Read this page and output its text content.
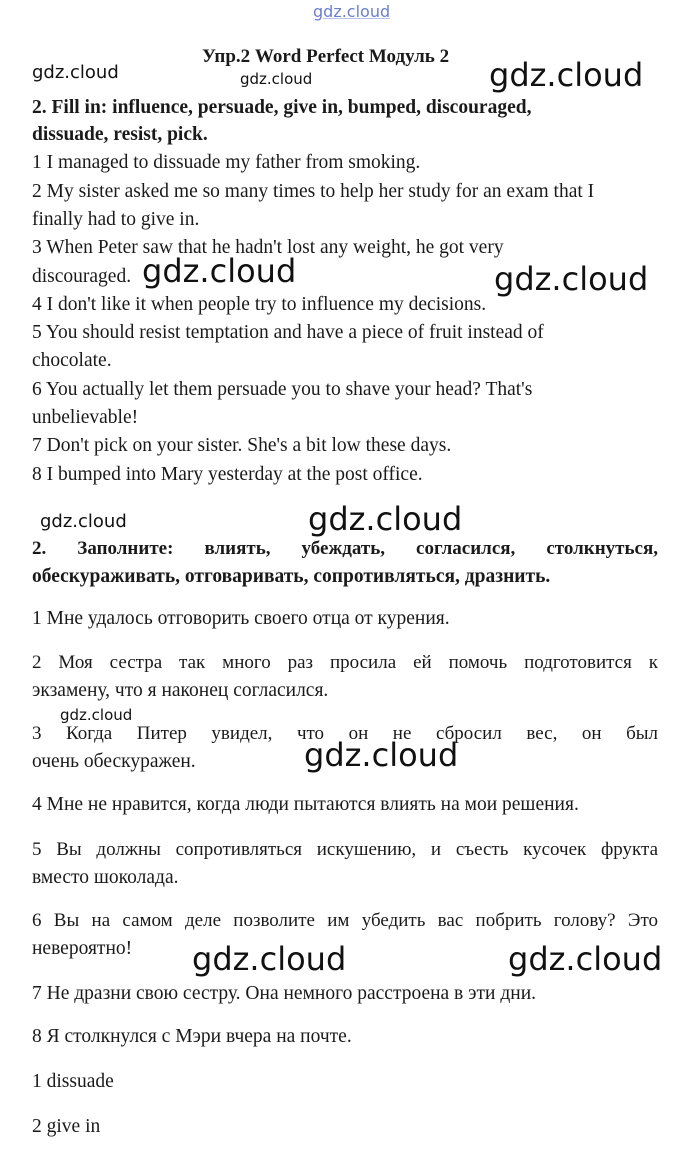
gdz.cloud
Упр.2 Word Perfect Модуль 2
2. Fill in: influence, persuade, give in, bumped, discouraged,
dissuade, resist, pick.
1 I managed to dissuade my father from smoking.
2 My sister asked me so many times to help her study for an exam that I
finally had to give in.
3 When Peter saw that he hadn't lost any weight, he got very
discouraged.
4 I don't like it when people try to influence my decisions.
5 You should resist temptation and have a piece of fruit instead of
chocolate.
6 You actually let them persuade you to shave your head? That's
unbelievable!
7 Don't pick on your sister. She's a bit low these days.
8 I bumped into Mary yesterday at the post office.
2. Заполните: влиять, убеждать, согласился, столкнуться,
обескураживать, отговаривать, сопротивляться, дразнить.
1 Мне удалось отговорить своего отца от курения.
2 Моя сестра так много раз просила ей помочь подготовится к
экзамену, что я наконец согласился.
3 Когда Питер увидел, что он не сбросил вес, он был
очень обескуражен.
4 Мне не нравится, когда люди пытаются влиять на мои решения.
5 Вы должны сопротивляться искушению, и съесть кусочек фрукта
вместо шоколада.
6 Вы на самом деле позволите им убедить вас побрить голову? Это
невероятно!
7 Не дразни свою сестру. Она немного расстроена в эти дни.
8 Я столкнулся с Мэри вчера на почте.
1 dissuade
2 give in
gdz.cloud	gdz.cloud	gdz.cloud
gdz.cloud	gdz.cloud
gdz.cloud	gdz.cloud
gdz.cloud
gdz.cloud
gdz.cloud	gdz.cloud
